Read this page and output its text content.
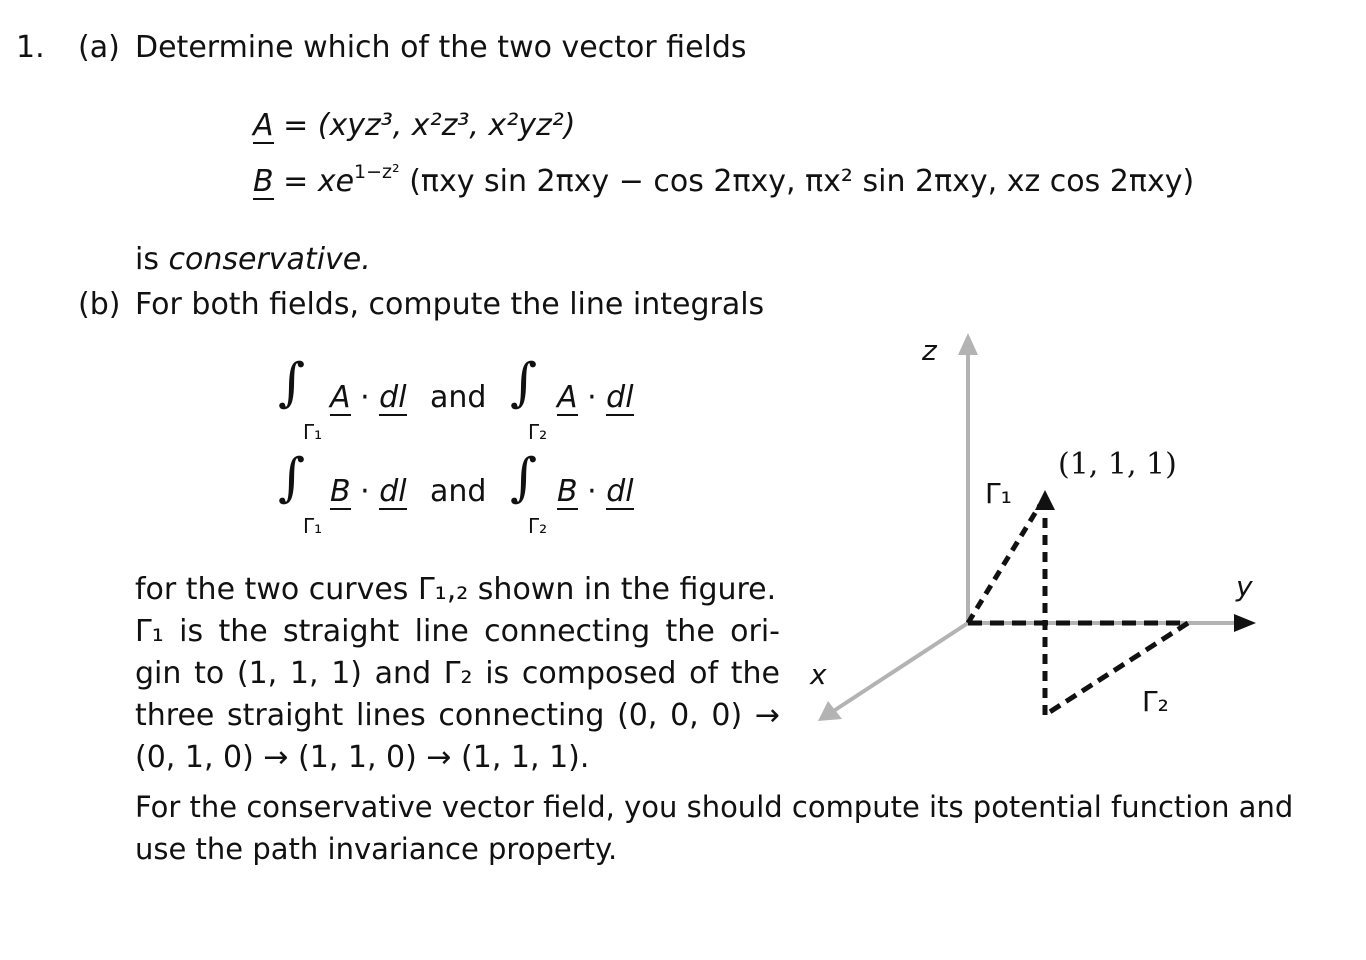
1. (a) Determine which of the two vector fields
A = (xyz³, x²z³, x²yz²)
$B = xe^{1-z^2}$ (πxy sin 2πxy − cos 2πxy, πx² sin 2πxy, xz cos 2πxy)
is conservative.
(b) For both fields, compute the line integrals
∫
Γ₁
A · dl and ∫
Γ₂
A · dl
∫
Γ₁
B · dl and ∫
Γ₂
B · dl
for the two curves Γ₁,₂ shown in the figure.
Γ₁ is the straight line connecting the ori-
gin to (1, 1, 1) and Γ₂ is composed of the
three straight lines connecting (0, 0, 0) →
(0, 1, 0) → (1, 1, 0) → (1, 1, 1).
For the conservative vector field, you should compute its potential function and
use the path invariance property.
z
y
x
(1, 1, 1)
Γ₁
Γ₂
